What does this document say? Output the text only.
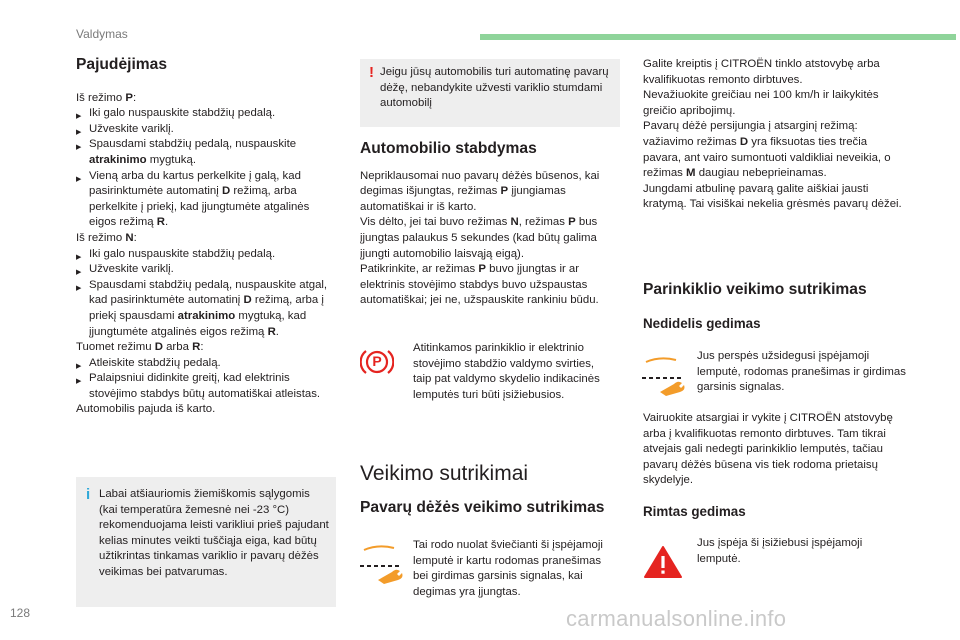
Valdymas
Pajudėjimas

Iš režimo P:

▶ Iki galo nuspauskite stabdžių pedalą.
▶ Užveskite variklį.
▶ Spausdami stabdžių pedalą, nuspauskite atrakinimo mygtuką.
▶ Vieną arba du kartus perkelkite į galą, kad pasirinktumėte automatinį D režimą, arba perkelkite į priekį, kad įjungtumėte atgalinės eigos režimą R.

Iš režimo N:

▶ Iki galo nuspauskite stabdžių pedalą.
▶ Užveskite variklį.
▶ Spausdami stabdžių pedalą, nuspauskite atgal, kad pasirinktumėte automatinį D režimą, arba į priekį spausdami atrakinimo mygtuką, kad įjungtumėte atgalinės eigos režimą R.

Tuomet režimu D arba R:

▶ Atleiskite stabdžių pedalą.
▶ Palaipsniui didinkite greitį, kad elektrinis stovėjimo stabdys būtų automatiškai atleistas.

Automobilis pajuda iš karto.

i Labai atšiauriomis žiemiškomis sąlygomis (kai temperatūra žemesnė nei -23 °C) rekomenduojama leisti varikliui prieš pajudant kelias minutes veikti tuščiąja eiga, kad būtų užtikrintas tinkamas variklio ir pavarų dėžės veikimas bei patvarumas.
! Jeigu jūsų automobilis turi automatinę pavarų dėžę, nebandykite užvesti variklio stumdami automobilį
Automobilio stabdymas

Nepriklausomai nuo pavarų dėžės būsenos, kai degimas išjungtas, režimas P įjungiamas automatiškai ir iš karto.

Vis dėlto, jei tai buvo režimas N, režimas P bus įjungtas palaukus 5 sekundes (kad būtų galima įjungti automobilio laisvąją eigą).

Patikrinkite, ar režimas P buvo įjungtas ir ar elektrinis stovėjimo stabdys buvo užspaustas automatiškai; jei ne, užspauskite rankiniu būdu.

P
Atitinkamos parinkiklio ir elektrinio stovėjimo stabdžio valdymo svirties, taip pat valdymo skydelio indikacinės lemputės turi būti įsižiebusios.
Veikimo sutrikimai
Pavarų dėžės veikimo sutrikimas
Tai rodo nuolat šviečianti ši įspėjamoji lemputė ir kartu rodomas pranešimas bei girdimas garsinis signalas, kai degimas yra įjungtas.

Galite kreiptis į CITROËN tinklo atstovybę arba kvalifikuotas remonto dirbtuves.

Nevažiuokite greičiau nei 100 km/h ir laikykitės greičio apribojimų.

Pavarų dėžė persijungia į atsarginį režimą:

važiavimo režimas D yra fiksuotas ties trečia pavara, ant vairo sumontuoti valdikliai neveikia, o režimas M daugiau nebeprieinamas.

Jungdami atbulinę pavarą galite aiškiai jausti kratymą. Tai visiškai nekelia grėsmės pavarų dėžei.

Parinkiklio veikimo sutrikimas
Nedidelis gedimas
Jus perspės užsidegusi įspėjamoji lemputė, rodomas pranešimas ir girdimas garsinis signalas.
Vairuokite atsargiai ir vykite į CITROËN atstovybę arba į kvalifikuotas remonto dirbtuves. Tam tikrai atvejais gali nedegti parinkiklio lemputės, tačiau pavarų dėžės būsena vis tiek rodoma prietaisų skydelyje.
Rimtas gedimas
Jus įspėja ši įsižiebusi įspėjamoji lemputė.
128	carmanualsonline.info
